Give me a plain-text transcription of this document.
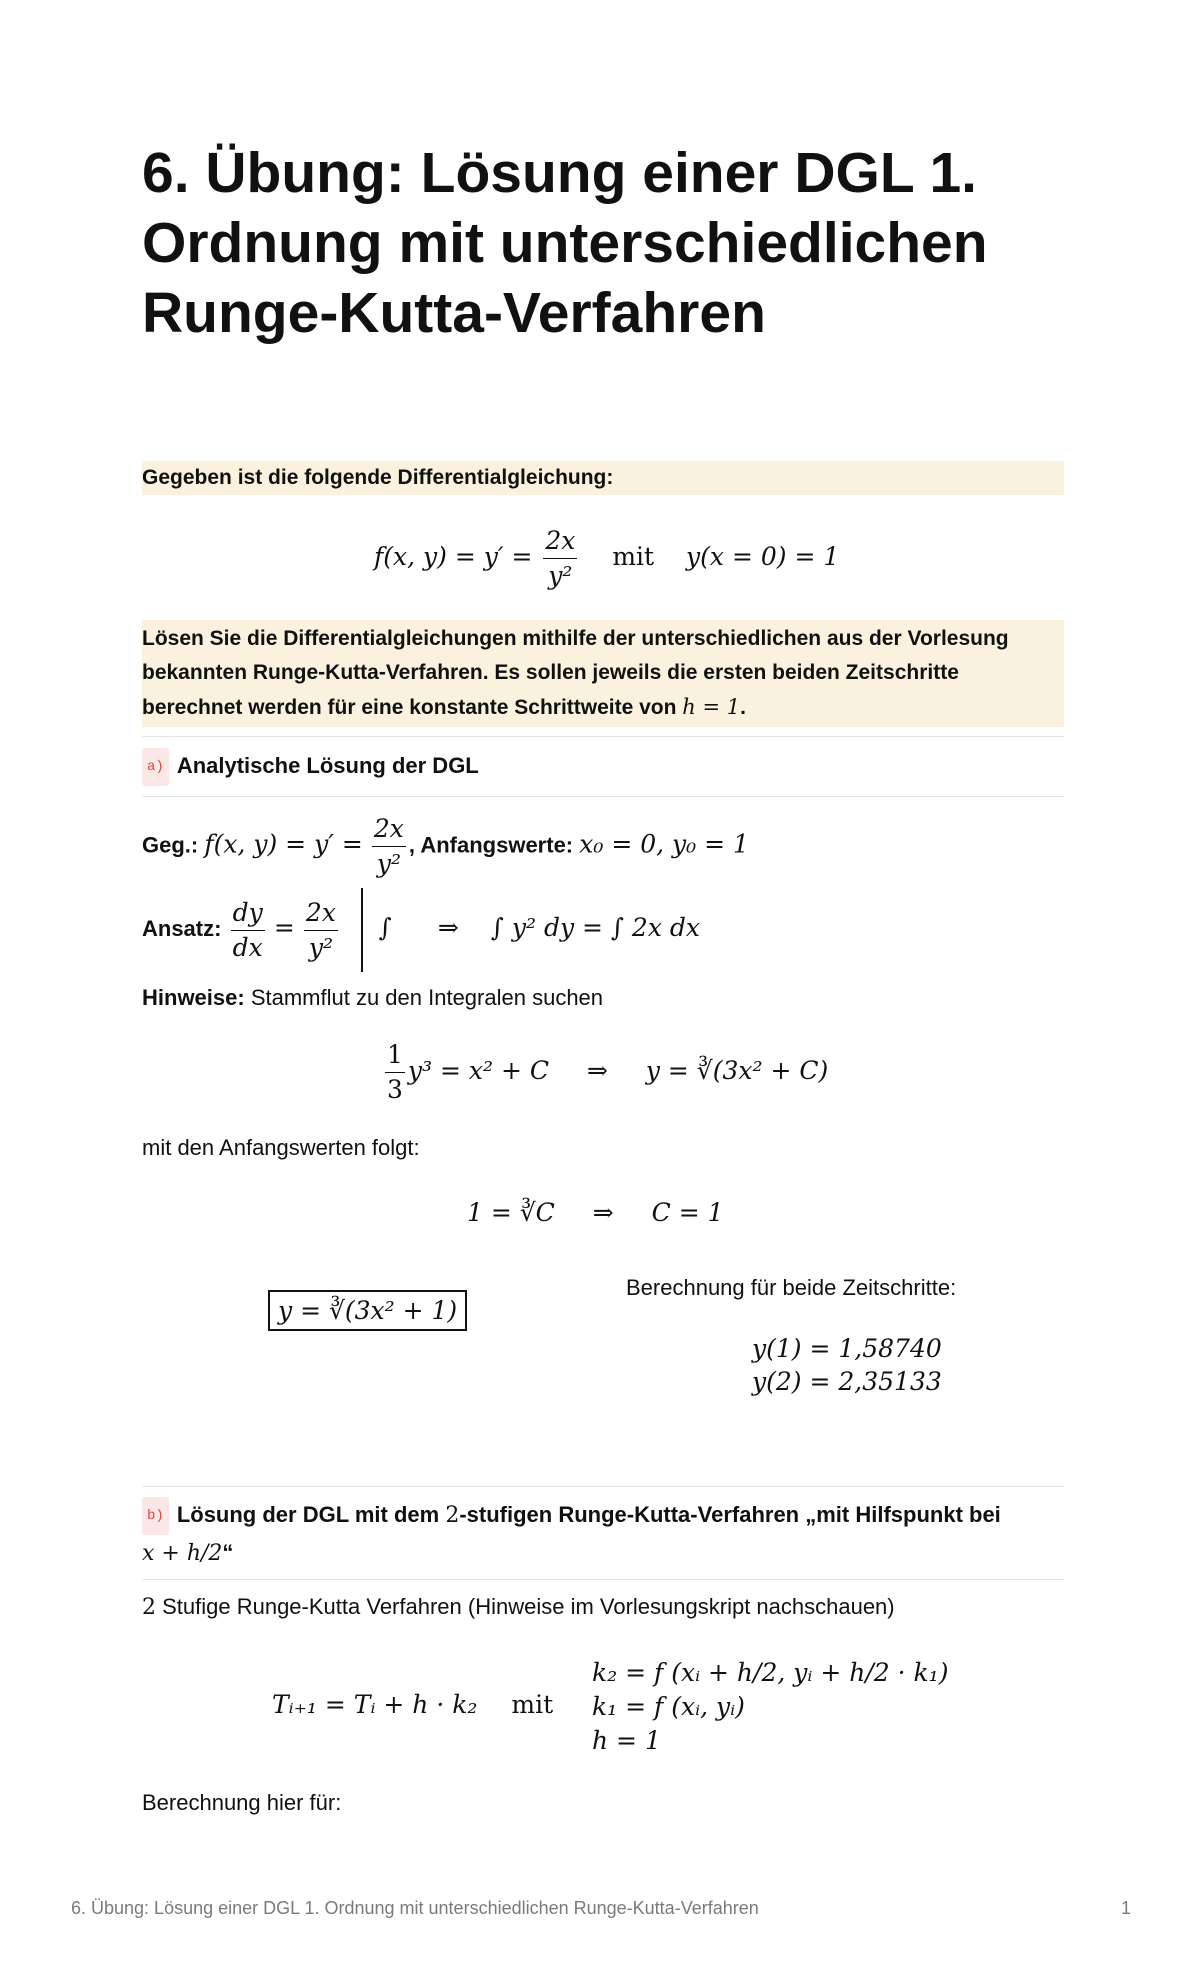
6. Übung: Lösung einer DGL 1. Ordnung mit unterschiedlichen Runge-Kutta-Verfahren
Gegeben ist die folgende Differentialgleichung:
f(x, $y) = y' = \frac{2x}{\text{y²}}$ mit y(x = 0) = 1
Lösen Sie die Differentialgleichungen mithilfe der unterschiedlichen aus der Vorlesung bekannten Runge-Kutta-Verfahren. Es sollen jeweils die ersten beiden Zeitschritte berechnet werden für eine konstante Schrittweite von h = 1.
a) Analytische Lösung der DGL
Geg.: f(x, $y) = y' = \frac{2x}{\text{y²}}$ , Anfangswerte: x₀ = 0, y₀ = 1
Ansatz: $\frac{dy}{dx} = \frac{2x}{\text{y²}}$ ∫ ⇒ ∫ y² dy = ∫ 2x dx
Hinweise: Stammflut zu den Integralen suchen
$\frac{1}{3} y^3 = x^2 + C$ ⇒ y = ∛(3x² + C)
mit den Anfangswerten folgt:
1 = ∛C ⇒ C = 1
y = ∛(3x² + 1)
Berechnung für beide Zeitschritte:
y(1) = 1,58740
y(2) = 2,35133
b) Lösung der DGL mit dem 2-stufigen Runge-Kutta-Verfahren „mit Hilfspunkt bei
x + h/2“
2 Stufige Runge-Kutta Verfahren (Hinweise im Vorlesungskript nachschauen)
Tᵢ₊₁ = Tᵢ + h · k₂ mit
k₂ = f (xᵢ + h/2, yᵢ + h/2 · k₁)
k₁ = f (xᵢ, yᵢ)
h = 1
Berechnung hier für:
6. Übung: Lösung einer DGL 1. Ordnung mit unterschiedlichen Runge-Kutta-Verfahren	1
